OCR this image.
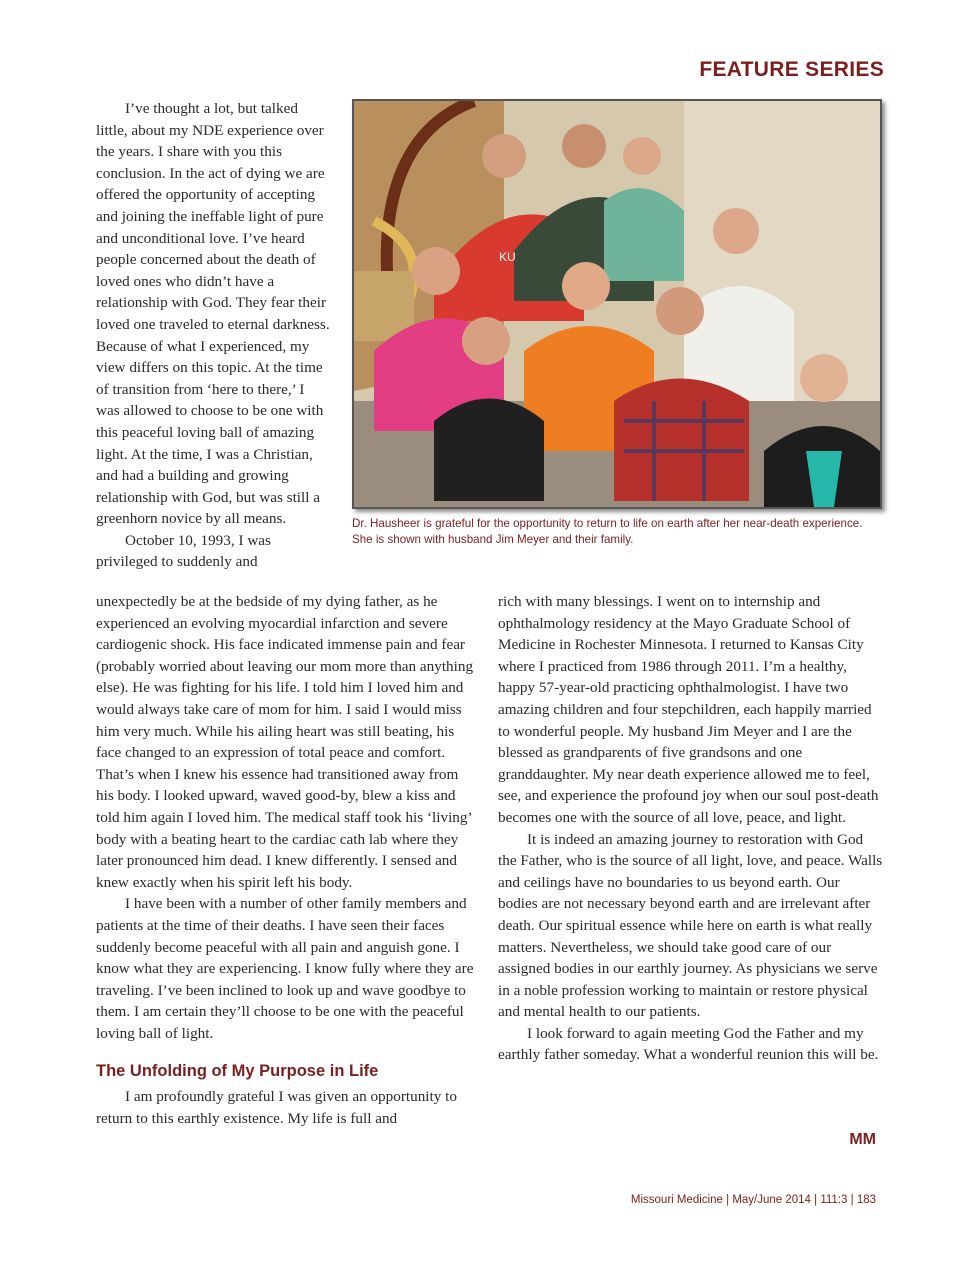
FEATURE SERIES

I’ve thought a lot, but talked little, about my NDE experience over the years. I share with you this conclusion. In the act of dying we are offered the opportunity of accepting and joining the ineffable light of pure and unconditional love. I’ve heard people concerned about the death of loved ones who didn’t have a relationship with God. They fear their loved one traveled to eternal darkness. Because of what I experienced, my view differs on this topic. At the time of transition from ‘here to there,’ I was allowed to choose to be one with this peaceful loving ball of amazing light. At the time, I was a Christian, and had a building and growing relationship with God, but was still a greenhorn novice by all means.

October 10, 1993, I was privileged to suddenly and

KU
Dr. Hausheer is grateful for the opportunity to return to life on earth after her near-death experience. She is shown with husband Jim Meyer and their family.

unexpectedly be at the bedside of my dying father, as he experienced an evolving myocardial infarction and severe cardiogenic shock. His face indicated immense pain and fear (probably worried about leaving our mom more than anything else). He was fighting for his life. I told him I loved him and would always take care of mom for him. I said I would miss him very much. While his ailing heart was still beating, his face changed to an expression of total peace and comfort. That’s when I knew his essence had transitioned away from his body. I looked upward, waved good-by, blew a kiss and told him again I loved him. The medical staff took his ‘living’ body with a beating heart to the cardiac cath lab where they later pronounced him dead. I knew differently. I sensed and knew exactly when his spirit left his body.

I have been with a number of other family members and patients at the time of their deaths. I have seen their faces suddenly become peaceful with all pain and anguish gone. I know what they are experiencing. I know fully where they are traveling. I’ve been inclined to look up and wave goodbye to them. I am certain they’ll choose to be one with the peaceful loving ball of light.

The Unfolding of My Purpose in Life

I am profoundly grateful I was given an opportunity to return to this earthly existence. My life is full and

rich with many blessings. I went on to internship and ophthalmology residency at the Mayo Graduate School of Medicine in Rochester Minnesota. I returned to Kansas City where I practiced from 1986 through 2011. I’m a healthy, happy 57-year-old practicing ophthalmologist. I have two amazing children and four stepchildren, each happily married to wonderful people. My husband Jim Meyer and I are the blessed as grandparents of five grandsons and one granddaughter. My near death experience allowed me to feel, see, and experience the profound joy when our soul post-death becomes one with the source of all love, peace, and light.

It is indeed an amazing journey to restoration with God the Father, who is the source of all light, love, and peace. Walls and ceilings have no boundaries to us beyond earth. Our bodies are not necessary beyond earth and are irrelevant after death. Our spiritual essence while here on earth is what really matters. Nevertheless, we should take good care of our assigned bodies in our earthly journey. As physicians we serve in a noble profession working to maintain or restore physical and mental health to our patients.

I look forward to again meeting God the Father and my earthly father someday. What a wonderful reunion this will be.

MM
Missouri Medicine | May/June 2014 | 111:3 | 183
